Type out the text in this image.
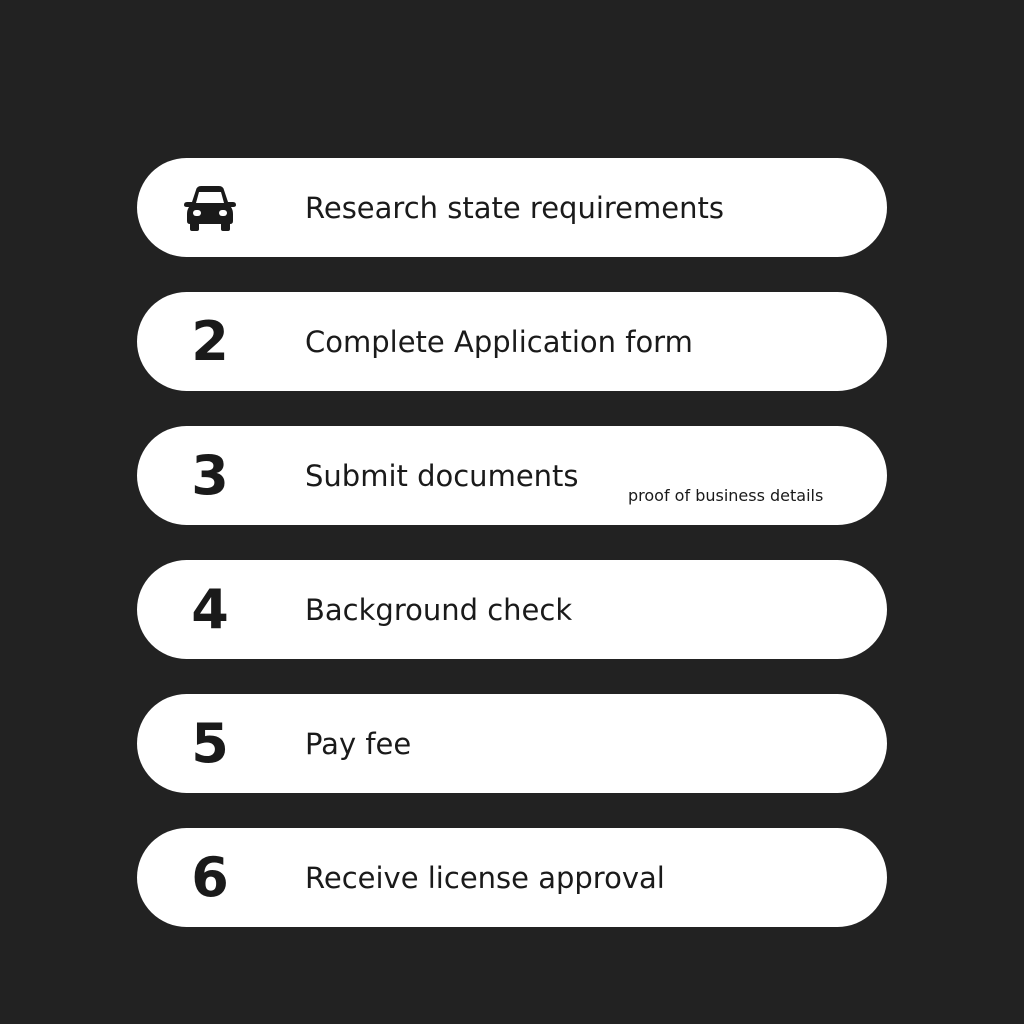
Research state requirements
2	Complete Application form
3	Submit documents
proof of business details
4	Background check
5	Pay fee
6	Receive license approval
